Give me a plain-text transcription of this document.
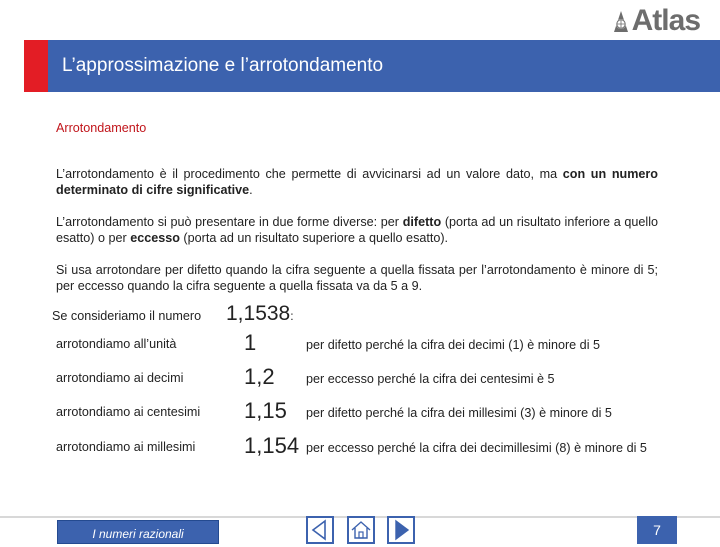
Atlas
L’approssimazione e l’arrotondamento
Arrotondamento
L’arrotondamento è il procedimento che permette di avvicinarsi ad un valore dato, ma con un numero determinato di cifre significative.
L’arrotondamento si può presentare in due forme diverse: per difetto (porta ad un risultato inferiore a quello esatto) o per eccesso (porta ad un risultato superiore a quello esatto).
Si usa arrotondare per difetto quando la cifra seguente a quella fissata per l’arrotondamento è minore di 5; per eccesso quando la cifra seguente a quella fissata va da 5 a 9.
Se consideriamo il numero 1,1538:
arrotondiamo all’unità	1	per difetto perché la cifra dei decimi (1) è minore di 5
arrotondiamo ai decimi	1,2 per eccesso perché la cifra dei centesimi è 5
arrotondiamo ai centesimi	1,15 per difetto perché la cifra dei millesimi (3) è minore di 5
arrotondiamo ai millesimi	1,154 per eccesso perché la cifra dei decimillesimi (8) è minore di 5
I numeri razionali	7
